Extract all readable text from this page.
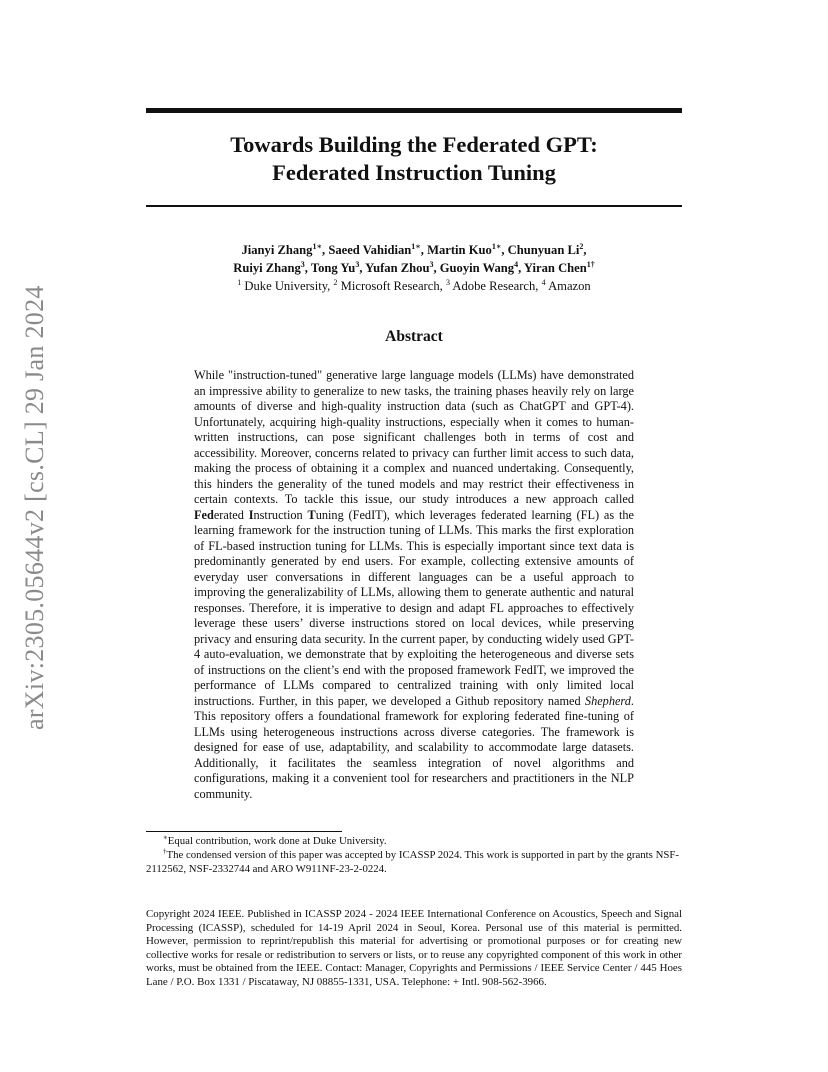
arXiv:2305.05644v2 [cs.CL] 29 Jan 2024
Towards Building the Federated GPT:
Federated Instruction Tuning
Jianyi Zhang$^{1∗}$, Saeed Vahidian$^{1∗}$, Martin Kuo$^{1∗}$, Chunyuan Li$^2$,
Ruiyi Zhang$^3$, Tong Yu$^3$, Yufan Zhou$^3$, Guoyin Wang$^4$, Yiran Chen$^{1\dagger}$
$^1$ Duke University, $^2$ Microsoft Research, $^3$ Adobe Research, $^4$ Amazon
Abstract

While "instruction-tuned" generative large language models (LLMs) have demonstrated an impressive ability to generalize to new tasks, the training phases heavily rely on large amounts of diverse and high-quality instruction data (such as ChatGPT and GPT-4). Unfortunately, acquiring high-quality instructions, especially when it comes to human-written instructions, can pose significant challenges both in terms of cost and accessibility. Moreover, concerns related to privacy can further limit access to such data, making the process of obtaining it a complex and nuanced undertaking. Consequently, this hinders the generality of the tuned models and may restrict their effectiveness in certain contexts. To tackle this issue, our study introduces a new approach called Federated Instruction Tuning (FedIT), which leverages federated learning (FL) as the learning framework for the instruction tuning of LLMs. This marks the first exploration of FL-based instruction tuning for LLMs. This is especially important since text data is predominantly generated by end users. For example, collecting extensive amounts of everyday user conversations in different languages can be a useful approach to improving the generalizability of LLMs, allowing them to generate authentic and natural responses. Therefore, it is imperative to design and adapt FL approaches to effectively leverage these users’ diverse instructions stored on local devices, while preserving privacy and ensuring data security. In the current paper, by conducting widely used GPT-4 auto-evaluation, we demonstrate that by exploiting the heterogeneous and diverse sets of instructions on the client’s end with the proposed framework FedIT, we improved the performance of LLMs compared to centralized training with only limited local instructions. Further, in this paper, we developed a Github repository named Shepherd. This repository offers a foundational framework for exploring federated fine-tuning of LLMs using heterogeneous instructions across diverse categories. The framework is designed for ease of use, adaptability, and scalability to accommodate large datasets. Additionally, it facilitates the seamless integration of novel algorithms and configurations, making it a convenient tool for researchers and practitioners in the NLP community.

∗Equal contribution, work done at Duke University.

†The condensed version of this paper was accepted by ICASSP 2024. This work is supported in part by the grants NSF-2112562, NSF-2332744 and ARO W911NF-23-2-0224.

Copyright 2024 IEEE. Published in ICASSP 2024 - 2024 IEEE International Conference on Acoustics, Speech and Signal Processing (ICASSP), scheduled for 14-19 April 2024 in Seoul, Korea. Personal use of this material is permitted. However, permission to reprint/republish this material for advertising or promotional purposes or for creating new collective works for resale or redistribution to servers or lists, or to reuse any copyrighted component of this work in other works, must be obtained from the IEEE. Contact: Manager, Copyrights and Permissions / IEEE Service Center / 445 Hoes Lane / P.O. Box 1331 / Piscataway, NJ 08855-1331, USA. Telephone: + Intl. 908-562-3966.
